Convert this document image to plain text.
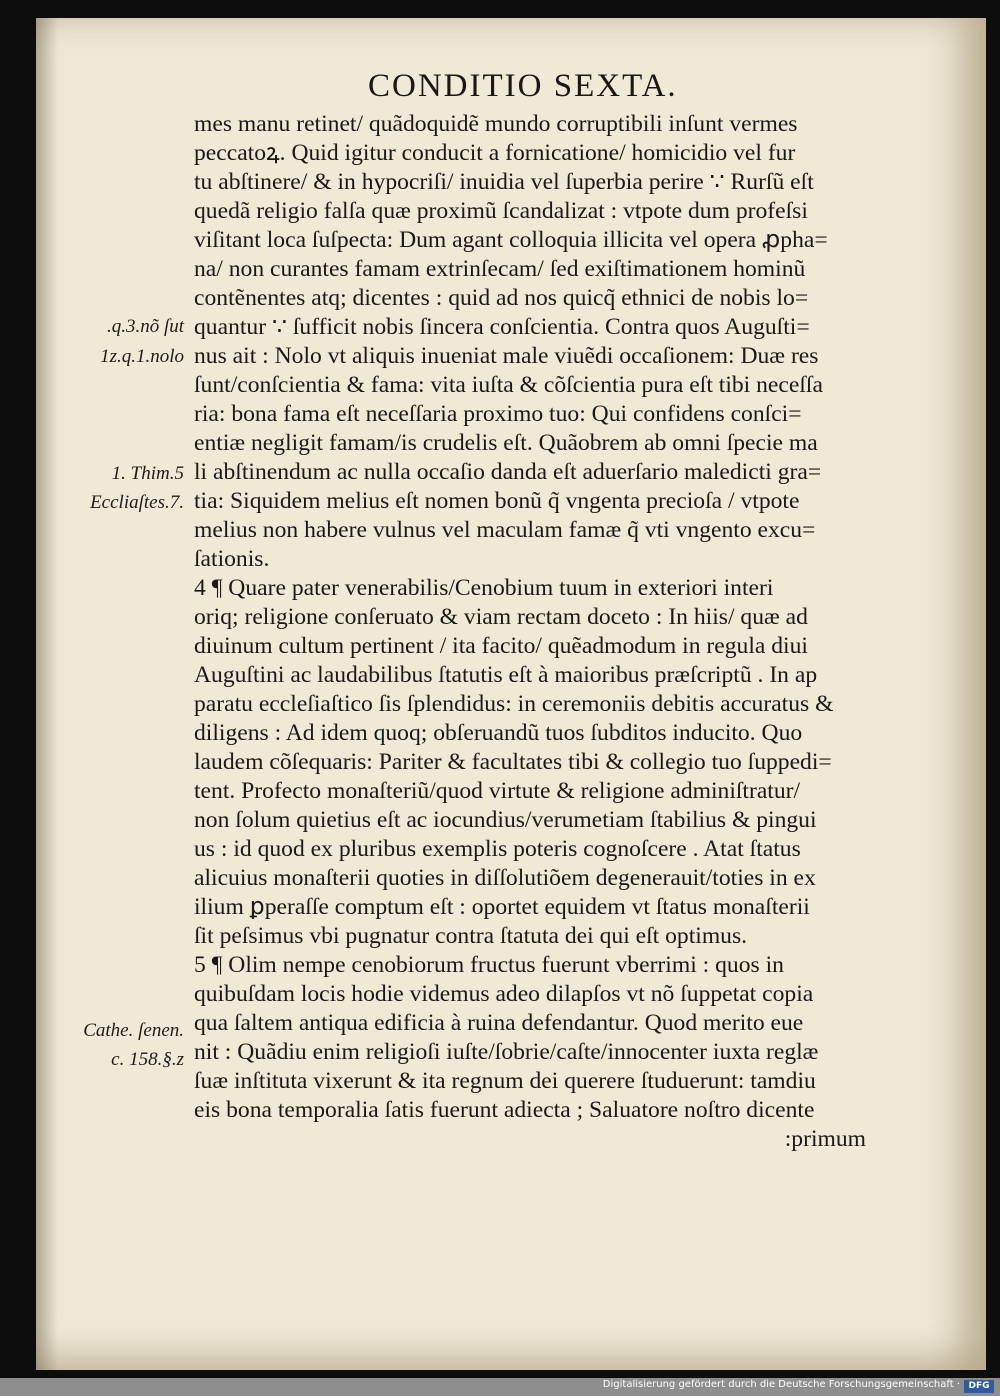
CONDITIO SEXTA.
mes manu retinet/ quãdoquidẽ mundo corruptibili inſunt vermes
peccatoꝝ. Quid igitur conducit a fornicatione/ homicidio vel fur
tu abſtinere/ & in hypocriſi/ inuidia vel ſuperbia perire ∵ Rurſũ eſt
quedã religio falſa quæ proximũ ſcandalizat : vtpote dum profeſsi
viſitant loca ſuſpecta: Dum agant colloquia illicita vel opera ꝓpha=
na/ non curantes famam extrinſecam/ ſed exiſtimationem hominũ
contẽnentes atq; dicentes : quid ad nos quicq̃ ethnici de nobis lo=
quantur ∵ ſufficit nobis ſincera conſcientia. Contra quos Auguſti=
nus ait : Nolo vt aliquis inueniat male viuẽdi occaſionem: Duæ res
ſunt/conſcientia & fama: vita iuſta & cõſcientia pura eſt tibi neceſſa
ria: bona fama eſt neceſſaria proximo tuo: Qui confidens conſci=
entiæ negligit famam/is crudelis eſt. Quãobrem ab omni ſpecie ma
li abſtinendum ac nulla occaſio danda eſt aduerſario maledicti gra=
tia: Siquidem melius eſt nomen bonũ q̃ vngenta precioſa / vtpote
melius non habere vulnus vel maculam famæ q̃ vti vngento excu=
ſationis.
4 ¶ Quare pater venerabilis/Cenobium tuum in exteriori interi
oriq; religione conſeruato & viam rectam doceto : In hiis/ quæ ad
diuinum cultum pertinent / ita facito/ quẽadmodum in regula diui
Auguſtini ac laudabilibus ſtatutis eſt à maioribus præſcriptũ . In ap
paratu eccleſiaſtico ſis ſplendidus: in ceremoniis debitis accuratus &
diligens : Ad idem quoq; obſeruandũ tuos ſubditos inducito. Quo
laudem cõſequaris: Pariter & facultates tibi & collegio tuo ſuppedi=
tent. Profecto monaſteriũ/quod virtute & religione adminiſtratur/
non ſolum quietius eſt ac iocundius/verumetiam ſtabilius & pingui
us : id quod ex pluribus exemplis poteris cognoſcere . Atat ſtatus
alicuius monaſterii quoties in diſſolutiõem degenerauit/toties in ex
ilium ꝑperaſſe comptum eſt : oportet equidem vt ſtatus monaſterii
ſit peſsimus vbi pugnatur contra ſtatuta dei qui eſt optimus.
5 ¶ Olim nempe cenobiorum fructus fuerunt vberrimi : quos in
quibuſdam locis hodie videmus adeo dilapſos vt nõ ſuppetat copia
qua ſaltem antiqua edificia à ruina defendantur. Quod merito eue
nit : Quãdiu enim religioſi iuſte/ſobrie/caſte/innocenter iuxta reglæ
ſuæ inſtituta vixerunt & ita regnum dei querere ſtuduerunt: tamdiu
eis bona temporalia ſatis fuerunt adiecta ; Saluatore noſtro dicente
:primum
.q.3.nõ ſut
1z.q.1.nolo
1. Thim.5
Eccliaſtes.7.
Cathe. ſenen.
c. 158.§.z
Digitalisierung gefördert durch die Deutsche Forschungsgemeinschaft · DFG
